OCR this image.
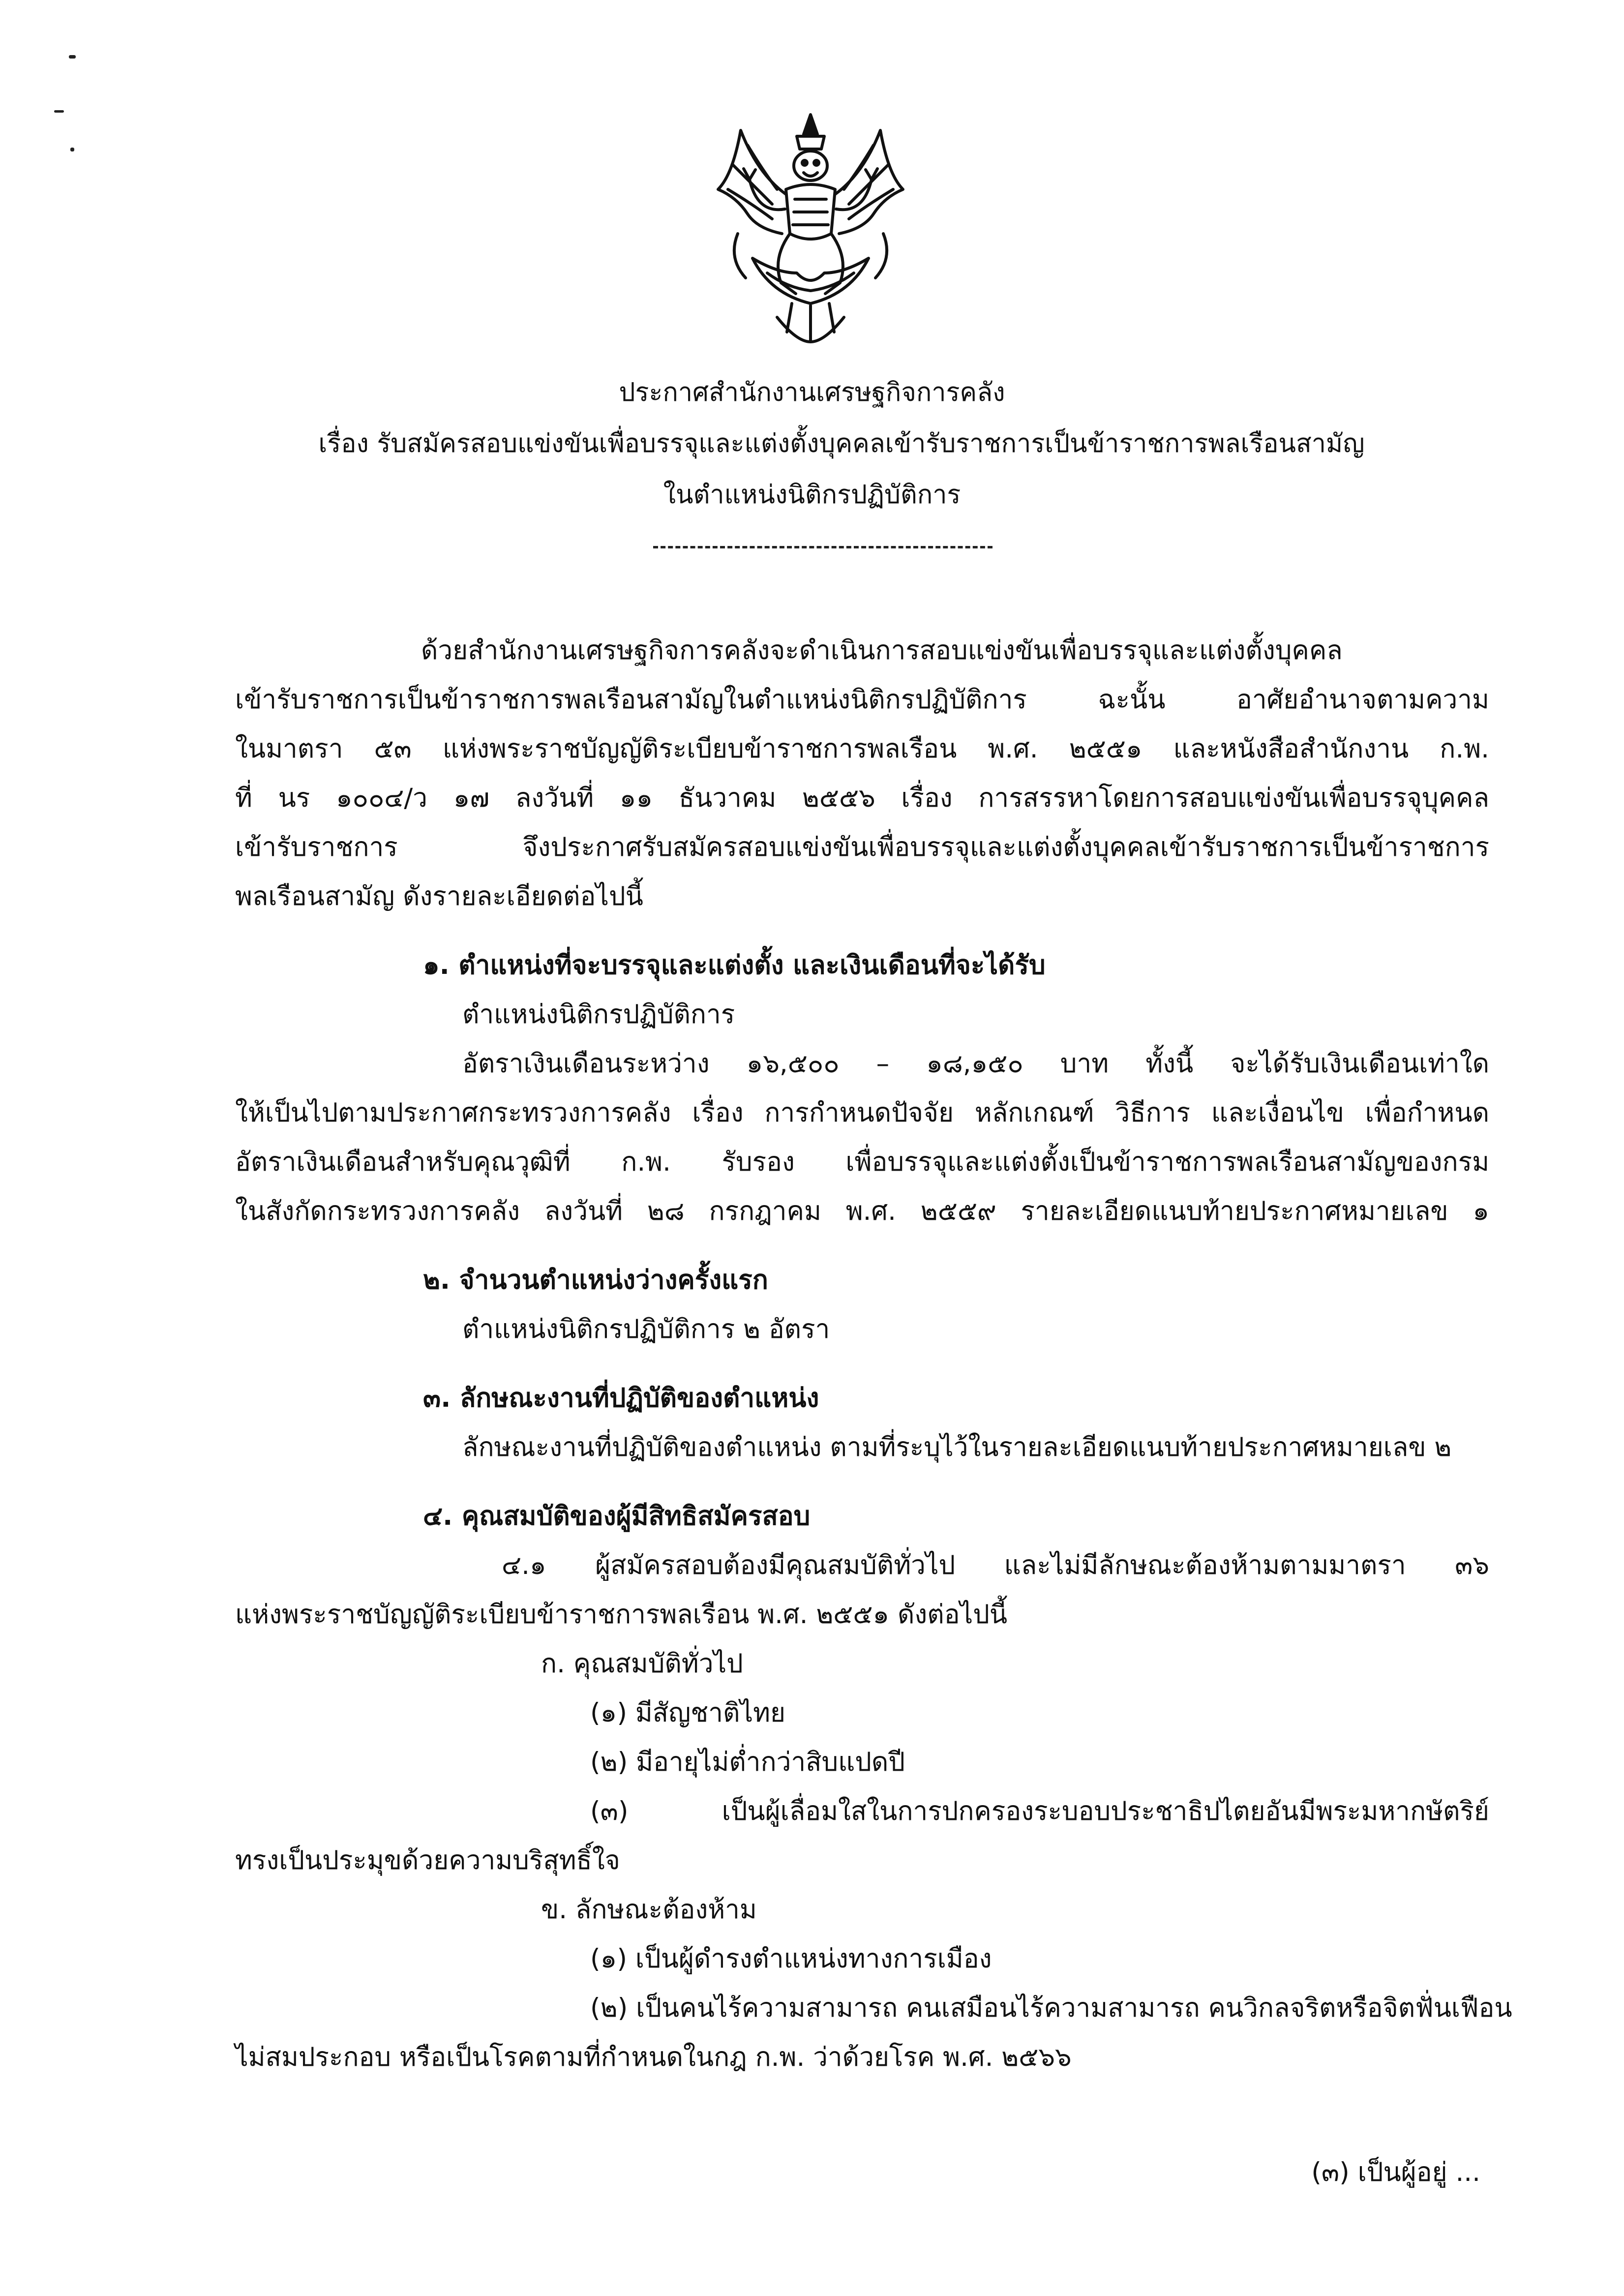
ประกาศสำนักงานเศรษฐกิจการคลัง
เรื่อง รับสมัครสอบแข่งขันเพื่อบรรจุและแต่งตั้งบุคคลเข้ารับราชการเป็นข้าราชการพลเรือนสามัญ
ในตำแหน่งนิติกรปฏิบัติการ
ด้วยสำนักงานเศรษฐกิจการคลังจะดำเนินการสอบแข่งขันเพื่อบรรจุและแต่งตั้งบุคคล
เข้ารับราชการเป็นข้าราชการพลเรือนสามัญในตำแหน่งนิติกรปฏิบัติการ ฉะนั้น อาศัยอำนาจตามความ
ในมาตรา ๕๓ แห่งพระราชบัญญัติระเบียบข้าราชการพลเรือน พ.ศ. ๒๕๕๑ และหนังสือสำนักงาน ก.พ.
ที่ นร ๑๐๐๔/ว ๑๗ ลงวันที่ ๑๑ ธันวาคม ๒๕๕๖ เรื่อง การสรรหาโดยการสอบแข่งขันเพื่อบรรจุบุคคล
เข้ารับราชการ จึงประกาศรับสมัครสอบแข่งขันเพื่อบรรจุและแต่งตั้งบุคคลเข้ารับราชการเป็นข้าราชการ
พลเรือนสามัญ ดังรายละเอียดต่อไปนี้
๑. ตำแหน่งที่จะบรรจุและแต่งตั้ง และเงินเดือนที่จะได้รับ
ตำแหน่งนิติกรปฏิบัติการ
อัตราเงินเดือนระหว่าง ๑๖,๕๐๐ – ๑๘,๑๕๐ บาท ทั้งนี้ จะได้รับเงินเดือนเท่าใด
ให้เป็นไปตามประกาศกระทรวงการคลัง เรื่อง การกำหนดปัจจัย หลักเกณฑ์ วิธีการ และเงื่อนไข เพื่อกำหนด
อัตราเงินเดือนสำหรับคุณวุฒิที่ ก.พ. รับรอง เพื่อบรรจุและแต่งตั้งเป็นข้าราชการพลเรือนสามัญของกรม
ในสังกัดกระทรวงการคลัง ลงวันที่ ๒๘ กรกฎาคม พ.ศ. ๒๕๕๙ รายละเอียดแนบท้ายประกาศหมายเลข ๑
๒. จำนวนตำแหน่งว่างครั้งแรก
ตำแหน่งนิติกรปฏิบัติการ ๒ อัตรา
๓. ลักษณะงานที่ปฏิบัติของตำแหน่ง
ลักษณะงานที่ปฏิบัติของตำแหน่ง ตามที่ระบุไว้ในรายละเอียดแนบท้ายประกาศหมายเลข ๒
๔. คุณสมบัติของผู้มีสิทธิสมัครสอบ
๔.๑ ผู้สมัครสอบต้องมีคุณสมบัติทั่วไป และไม่มีลักษณะต้องห้ามตามมาตรา ๓๖
แห่งพระราชบัญญัติระเบียบข้าราชการพลเรือน พ.ศ. ๒๕๕๑ ดังต่อไปนี้
ก. คุณสมบัติทั่วไป
(๑) มีสัญชาติไทย
(๒) มีอายุไม่ต่ำกว่าสิบแปดปี
(๓) เป็นผู้เลื่อมใสในการปกครองระบอบประชาธิปไตยอันมีพระมหากษัตริย์
ทรงเป็นประมุขด้วยความบริสุทธิ์ใจ
ข. ลักษณะต้องห้าม
(๑) เป็นผู้ดำรงตำแหน่งทางการเมือง
(๒) เป็นคนไร้ความสามารถ คนเสมือนไร้ความสามารถ คนวิกลจริตหรือจิตฟั่นเฟือน
ไม่สมประกอบ หรือเป็นโรคตามที่กำหนดในกฎ ก.พ. ว่าด้วยโรค พ.ศ. ๒๕๖๖
(๓) เป็นผู้อยู่ ...
